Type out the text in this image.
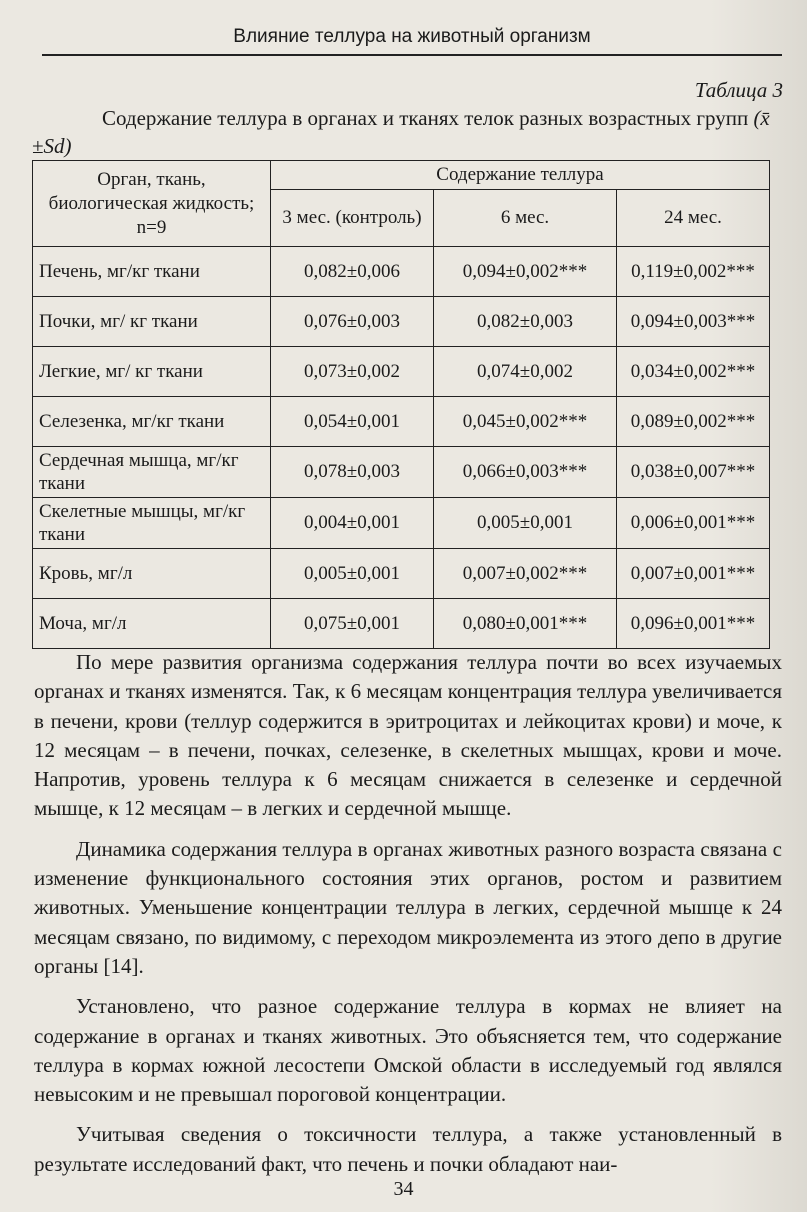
Влияние теллура на животный организм
Таблица 3
Содержание теллура в органах и тканях телок разных возрастных групп (x̄ ±Sd)
Орган, ткань, биологическая жидкость; n=9	Содержание теллура		
	3 мес. (контроль)	6 мес.	24 мес.
Печень, мг/кг ткани	0,082±0,006	0,094±0,002***	0,119±0,002***
Почки, мг/ кг ткани	0,076±0,003	0,082±0,003	0,094±0,003***
Легкие, мг/ кг ткани	0,073±0,002	0,074±0,002	0,034±0,002***
Селезенка, мг/кг ткани	0,054±0,001	0,045±0,002***	0,089±0,002***
Сердечная мышца, мг/кг ткани	0,078±0,003	0,066±0,003***	0,038±0,007***
Скелетные мышцы, мг/кг ткани	0,004±0,001	0,005±0,001	0,006±0,001***
Кровь, мг/л	0,005±0,001	0,007±0,002***	0,007±0,001***
Моча, мг/л	0,075±0,001	0,080±0,001***	0,096±0,001***

По мере развития организма содержания теллура почти во всех изучаемых органах и тканях изменятся. Так, к 6 месяцам концентрация теллура увеличивается в печени, крови (теллур содержится в эритроцитах и лейкоцитах крови) и моче, к 12 месяцам – в печени, почках, селезенке, в скелетных мышцах, крови и моче. Напротив, уровень теллура к 6 месяцам снижается в селезенке и сердечной мышце, к 12 месяцам – в легких и сердечной мышце.

Динамика содержания теллура в органах животных разного возраста связана с изменение функционального состояния этих органов, ростом и развитием животных. Уменьшение концентрации теллура в легких, сердечной мышце к 24 месяцам связано, по видимому, с переходом микроэлемента из этого депо в другие органы [14].

Установлено, что разное содержание теллура в кормах не влияет на содержание в органах и тканях животных. Это объясняется тем, что содержание теллура в кормах южной лесостепи Омской области в исследуемый год являлся невысоким и не превышал пороговой концентрации.

Учитывая сведения о токсичности теллура, а также установленный в результате исследований факт, что печень и почки обладают наи-

34
